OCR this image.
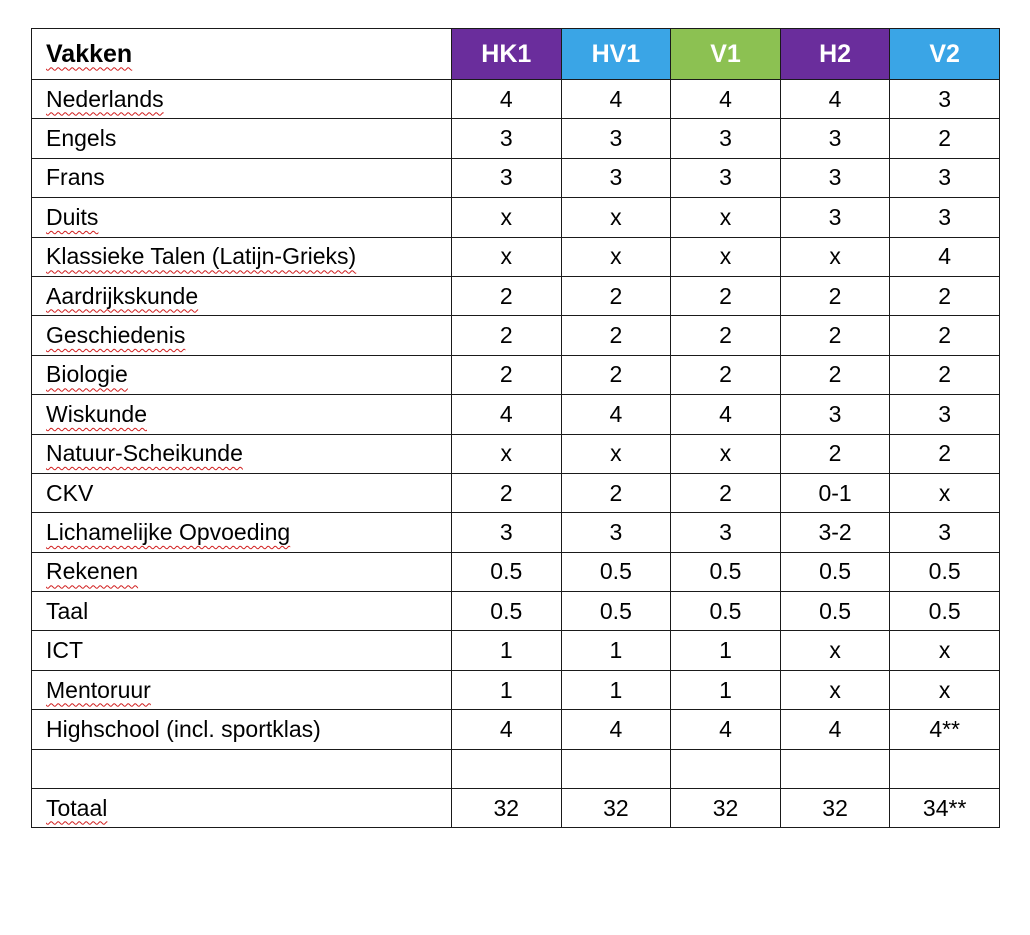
Vakken	HK1	HV1	V1	H2	V2
Nederlands	4	4	4	4	3
Engels	3	3	3	3	2
Frans	3	3	3	3	3
Duits	x	x	x	3	3
Klassieke Talen (Latijn-Grieks)	x	x	x	x	4
Aardrijkskunde	2	2	2	2	2
Geschiedenis	2	2	2	2	2
Biologie	2	2	2	2	2
Wiskunde	4	4	4	3	3
Natuur-Scheikunde	x	x	x	2	2
CKV	2	2	2	0-1	x
Lichamelijke Opvoeding	3	3	3	3-2	3
Rekenen	0.5	0.5	0.5	0.5	0.5
Taal	0.5	0.5	0.5	0.5	0.5
ICT	1	1	1	x	x
Mentoruur	1	1	1	x	x
Highschool (incl. sportklas)	4	4	4	4	4**

Totaal	32	32	32	32	34**
